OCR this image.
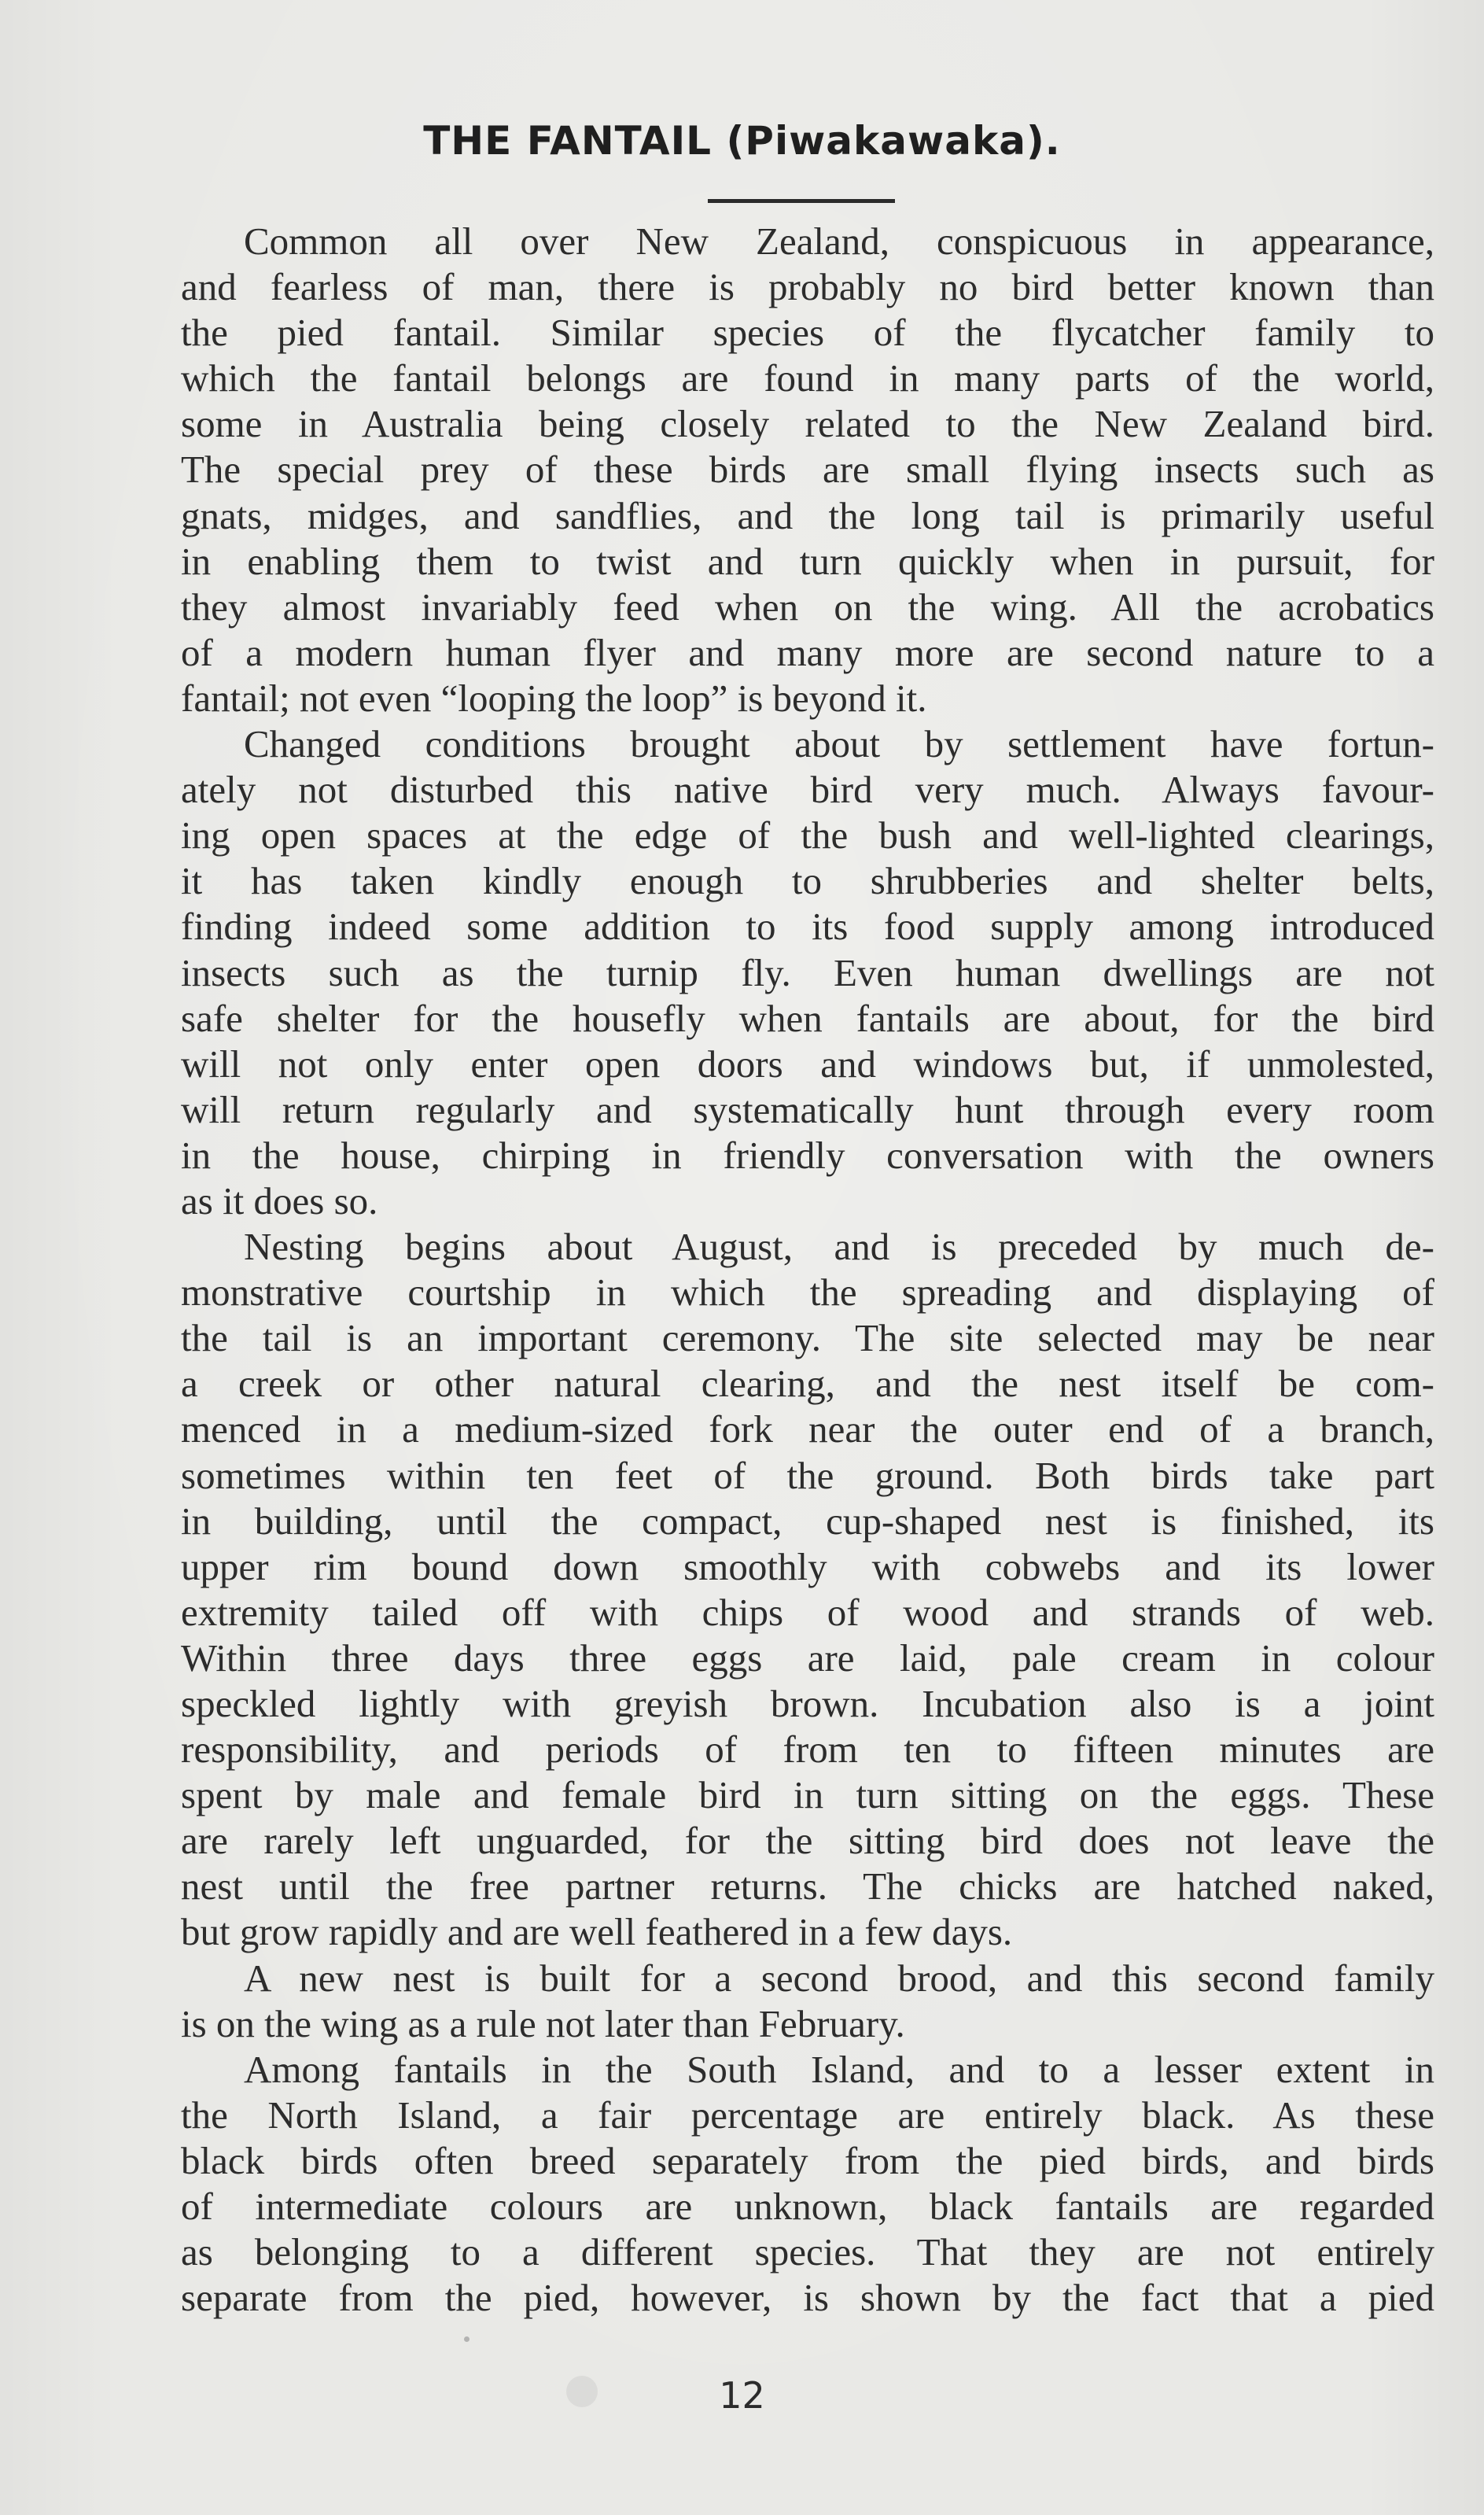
THE FANTAIL (Piwakawaka).
Common all over New Zealand, conspicuous in appearance,
and fearless of man, there is probably no bird better known than
the pied fantail. Similar species of the flycatcher family to
which the fantail belongs are found in many parts of the world,
some in Australia being closely related to the New Zealand bird.
The special prey of these birds are small flying insects such as
gnats, midges, and sandflies, and the long tail is primarily useful
in enabling them to twist and turn quickly when in pursuit, for
they almost invariably feed when on the wing. All the acrobatics
of a modern human flyer and many more are second nature to a
fantail; not even “looping the loop” is beyond it.
Changed conditions brought about by settlement have fortun-
ately not disturbed this native bird very much. Always favour-
ing open spaces at the edge of the bush and well-lighted clearings,
it has taken kindly enough to shrubberies and shelter belts,
finding indeed some addition to its food supply among introduced
insects such as the turnip fly. Even human dwellings are not
safe shelter for the housefly when fantails are about, for the bird
will not only enter open doors and windows but, if unmolested,
will return regularly and systematically hunt through every room
in the house, chirping in friendly conversation with the owners
as it does so.
Nesting begins about August, and is preceded by much de-
monstrative courtship in which the spreading and displaying of
the tail is an important ceremony. The site selected may be near
a creek or other natural clearing, and the nest itself be com-
menced in a medium-sized fork near the outer end of a branch,
sometimes within ten feet of the ground. Both birds take part
in building, until the compact, cup-shaped nest is finished, its
upper rim bound down smoothly with cobwebs and its lower
extremity tailed off with chips of wood and strands of web.
Within three days three eggs are laid, pale cream in colour
speckled lightly with greyish brown. Incubation also is a joint
responsibility, and periods of from ten to fifteen minutes are
spent by male and female bird in turn sitting on the eggs. These
are rarely left unguarded, for the sitting bird does not leave the
nest until the free partner returns. The chicks are hatched naked,
but grow rapidly and are well feathered in a few days.
A new nest is built for a second brood, and this second family
is on the wing as a rule not later than February.
Among fantails in the South Island, and to a lesser extent in
the North Island, a fair percentage are entirely black. As these
black birds often breed separately from the pied birds, and birds
of intermediate colours are unknown, black fantails are regarded
as belonging to a different species. That they are not entirely
separate from the pied, however, is shown by the fact that a pied
12
